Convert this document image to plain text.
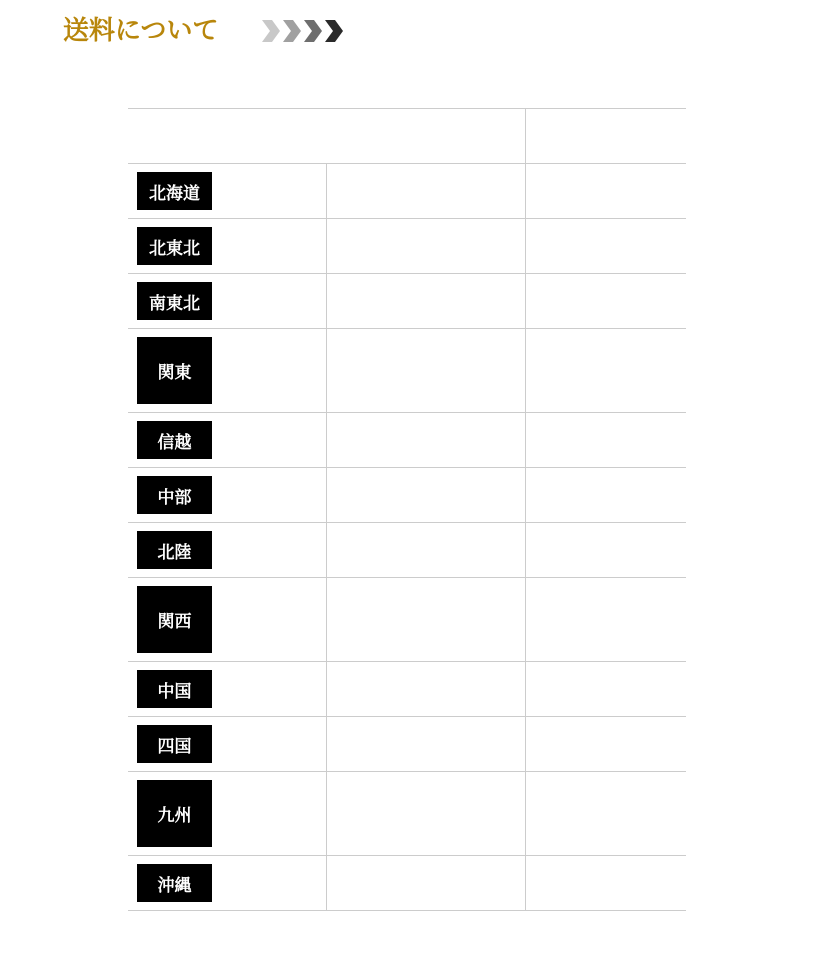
送料について

北海道		

北東北		

南東北		

関東		

信越		

中部		

北陸		

関西		

中国		

四国		

九州		

沖縄		
